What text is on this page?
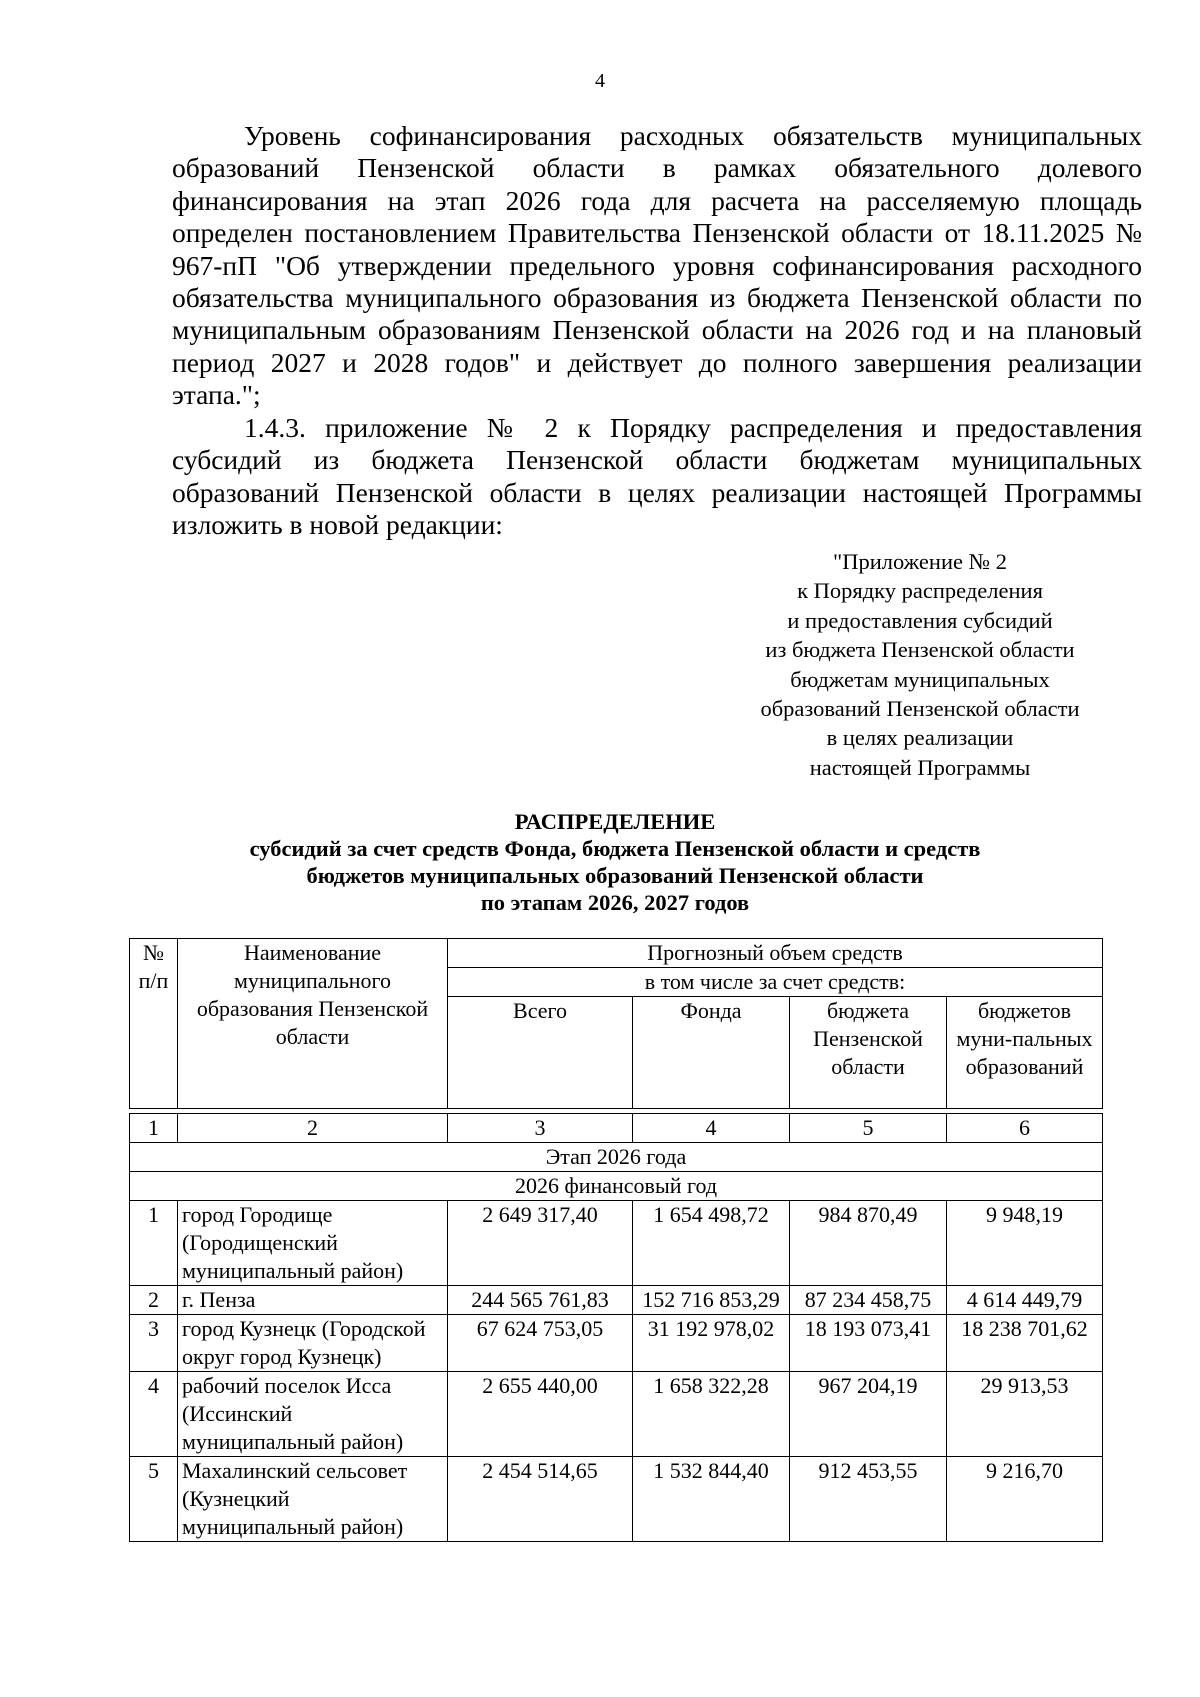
4

Уровень софинансирования расходных обязательств муниципальных образований Пензенской области в рамках обязательного долевого финансирования на этап 2026 года для расчета на расселяемую площадь определен постановлением Правительства Пензенской области от 18.11.2025 № 967-пП "Об утверждении предельного уровня софинансирования расходного обязательства муниципального образования из бюджета Пензенской области по муниципальным образованиям Пензенской области на 2026 год и на плановый период 2027 и 2028 годов" и действует до полного завершения реализации этапа.";

1.4.3. приложение № 2 к Порядку распределения и предоставления субсидий из бюджета Пензенской области бюджетам муниципальных образований Пензенской области в целях реализации настоящей Программы изложить в новой редакции:

"Приложение № 2
к Порядку распределения
и предоставления субсидий
из бюджета Пензенской области
бюджетам муниципальных
образований Пензенской области
в целях реализации
настоящей Программы
РАСПРЕДЕЛЕНИЕ
субсидий за счет средств Фонда, бюджета Пензенской области и средств
бюджетов муниципальных образований Пензенской области
по этапам 2026, 2027 годов
№ п/п	Наименование муниципального образования Пензенской области	Прогнозный объем средств			
		в том числе за счет средств:			
		Всего	Фонда	бюджета Пензенской области	бюджетов муни-пальных образований

1	2	3	4	5	6
Этап 2026 года					
2026 финансовый год					
1	город Городище (Городищенский муниципальный район)	2 649 317,40	1 654 498,72	984 870,49	9 948,19
2	г. Пенза	244 565 761,83	152 716 853,29	87 234 458,75	4 614 449,79
3	город Кузнецк (Городской округ город Кузнецк)	67 624 753,05	31 192 978,02	18 193 073,41	18 238 701,62
4	рабочий поселок Исса (Иссинский муниципальный район)	2 655 440,00	1 658 322,28	967 204,19	29 913,53
5	Махалинский сельсовет (Кузнецкий муниципальный район)	2 454 514,65	1 532 844,40	912 453,55	9 216,70
